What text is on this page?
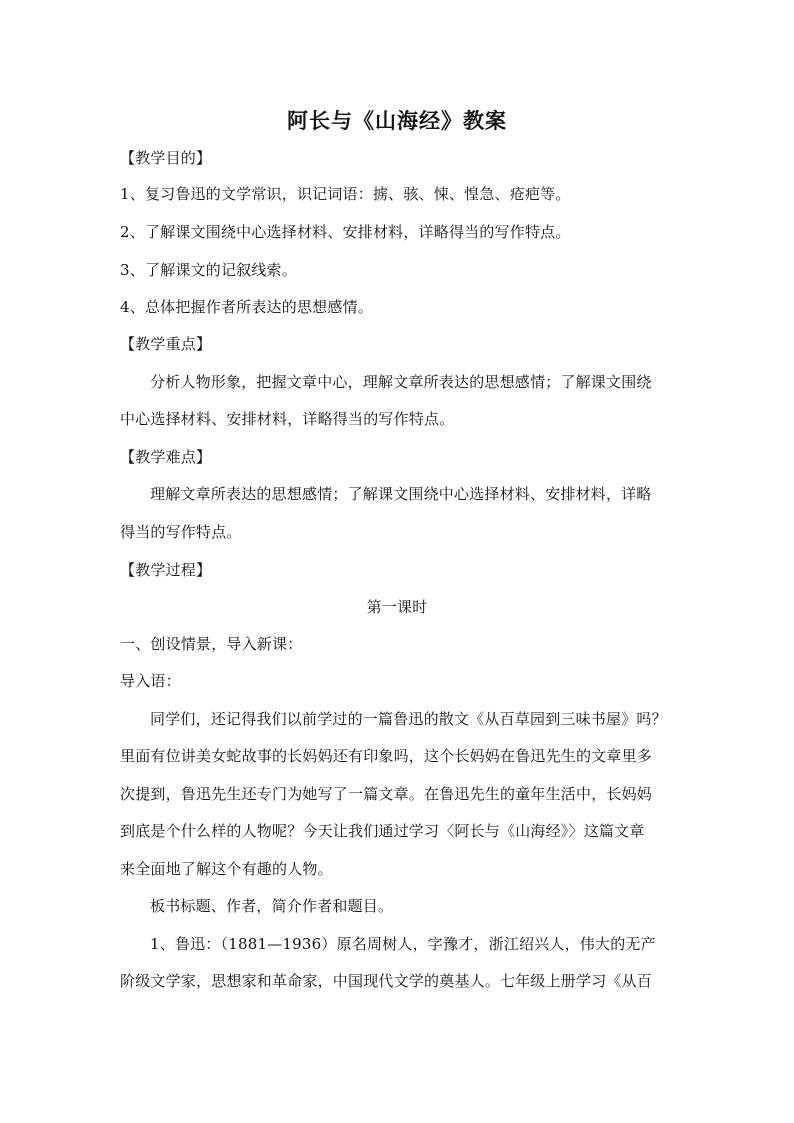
阿长与《山海经》教案
【教学目的】
1、复习鲁迅的文学常识，识记词语：掳、骇、悚、惶急、疮疤等。
2、了解课文围绕中心选择材料、安排材料，详略得当的写作特点。
3、了解课文的记叙线索。
4、总体把握作者所表达的思想感情。
【教学重点】
分析人物形象，把握文章中心，理解文章所表达的思想感情；了解课文围绕
中心选择材料、安排材料，详略得当的写作特点。
【教学难点】
理解文章所表达的思想感情；了解课文围绕中心选择材料、安排材料，详略
得当的写作特点。
【教学过程】
第一课时
一、创设情景，导入新课：
导入语：
同学们，还记得我们以前学过的一篇鲁迅的散文《从百草园到三味书屋》吗？
里面有位讲美女蛇故事的长妈妈还有印象吗，这个长妈妈在鲁迅先生的文章里多
次提到，鲁迅先生还专门为她写了一篇文章。在鲁迅先生的童年生活中，长妈妈
到底是个什么样的人物呢？今天让我们通过学习〈阿长与《山海经》〉这篇文章
来全面地了解这个有趣的人物。
板书标题、作者，简介作者和题目。
1、鲁迅：（1881—1936）原名周树人，字豫才，浙江绍兴人，伟大的无产
阶级文学家，思想家和革命家，中国现代文学的奠基人。七年级上册学习《从百
